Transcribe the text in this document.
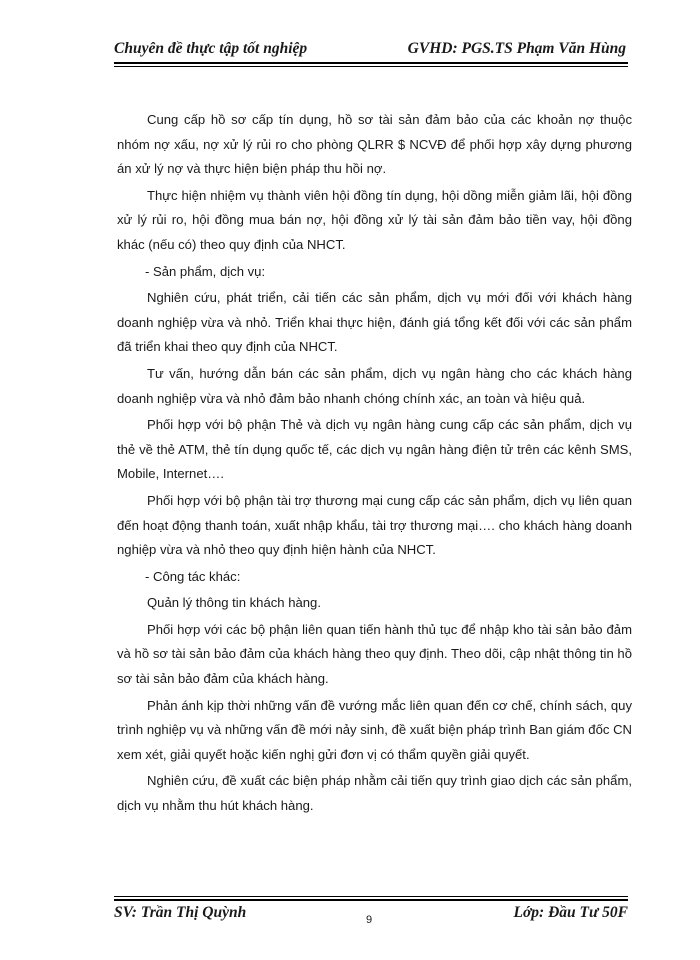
Chuyên đề thực tập tốt nghiệp	GVHD: PGS.TS Phạm Văn Hùng

Cung cấp hồ sơ cấp tín dụng, hồ sơ tài sản đảm bảo của các khoản nợ thuộc nhóm nợ xấu, nợ xử lý rủi ro cho phòng QLRR $ NCVĐ để phối hợp xây dựng phương án xử lý nợ và thực hiện biện pháp thu hồi nợ.

Thực hiện nhiệm vụ thành viên hội đồng tín dụng, hội dồng miễn giảm lãi, hội đồng xử lý rủi ro, hội đồng mua bán nợ, hội đồng xử lý tài sản đảm bảo tiền vay, hội đồng khác (nếu có) theo quy định của NHCT.

- Sản phẩm, dịch vụ:

Nghiên cứu, phát triển, cải tiến các sản phẩm, dịch vụ mới đối với khách hàng doanh nghiệp vừa và nhỏ. Triển khai thực hiện, đánh giá tổng kết đối với các sản phẩm đã triển khai theo quy định của NHCT.

Tư vấn, hướng dẫn bán các sản phẩm, dịch vụ ngân hàng cho các khách hàng doanh nghiệp vừa và nhỏ đảm bảo nhanh chóng chính xác, an toàn và hiệu quả.

Phối hợp với bộ phận Thẻ và dịch vụ ngân hàng cung cấp các sản phẩm, dịch vụ thẻ về thẻ ATM, thẻ tín dụng quốc tế, các dịch vụ ngân hàng điện tử trên các kênh SMS, Mobile, Internet….

Phối hợp với bộ phận tài trợ thương mại cung cấp các sản phẩm, dịch vụ liên quan đến hoạt động thanh toán, xuất nhập khẩu, tài trợ thương mại…. cho khách hàng doanh nghiệp vừa và nhỏ theo quy định hiện hành của NHCT.

- Công tác khác:

Quản lý thông tin khách hàng.

Phối hợp với các bộ phận liên quan tiến hành thủ tục để nhập kho tài sản bảo đảm và hồ sơ tài sản bảo đảm của khách hàng theo quy định. Theo dõi, cập nhật thông tin hồ sơ tài sản bảo đảm của khách hàng.

Phản ánh kịp thời những vấn đề vướng mắc liên quan đến cơ chế, chính sách, quy trình nghiệp vụ và những vấn đề mới nảy sinh, đề xuất biện pháp trình Ban giám đốc CN xem xét, giải quyết hoặc kiến nghị gửi đơn vị có thẩm quyền giải quyết.

Nghiên cứu, đề xuất các biện pháp nhằm cải tiến quy trình giao dịch các sản phẩm, dịch vụ nhằm thu hút khách hàng.

SV: Trần Thị Quỳnh	9	Lớp: Đầu Tư 50F
